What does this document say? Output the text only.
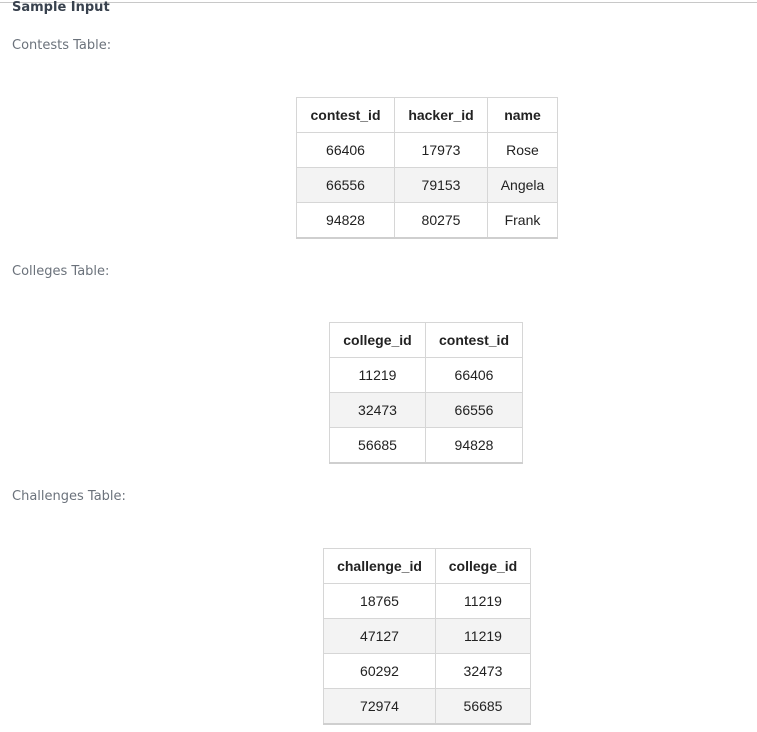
Sample Input
Contests Table:
contest_id	hacker_id	name
66406	17973	Rose
66556	79153	Angela
94828	80275	Frank
Colleges Table:
college_id	contest_id
11219	66406
32473	66556
56685	94828
Challenges Table:
challenge_id	college_id
18765	11219
47127	11219
60292	32473
72974	56685
